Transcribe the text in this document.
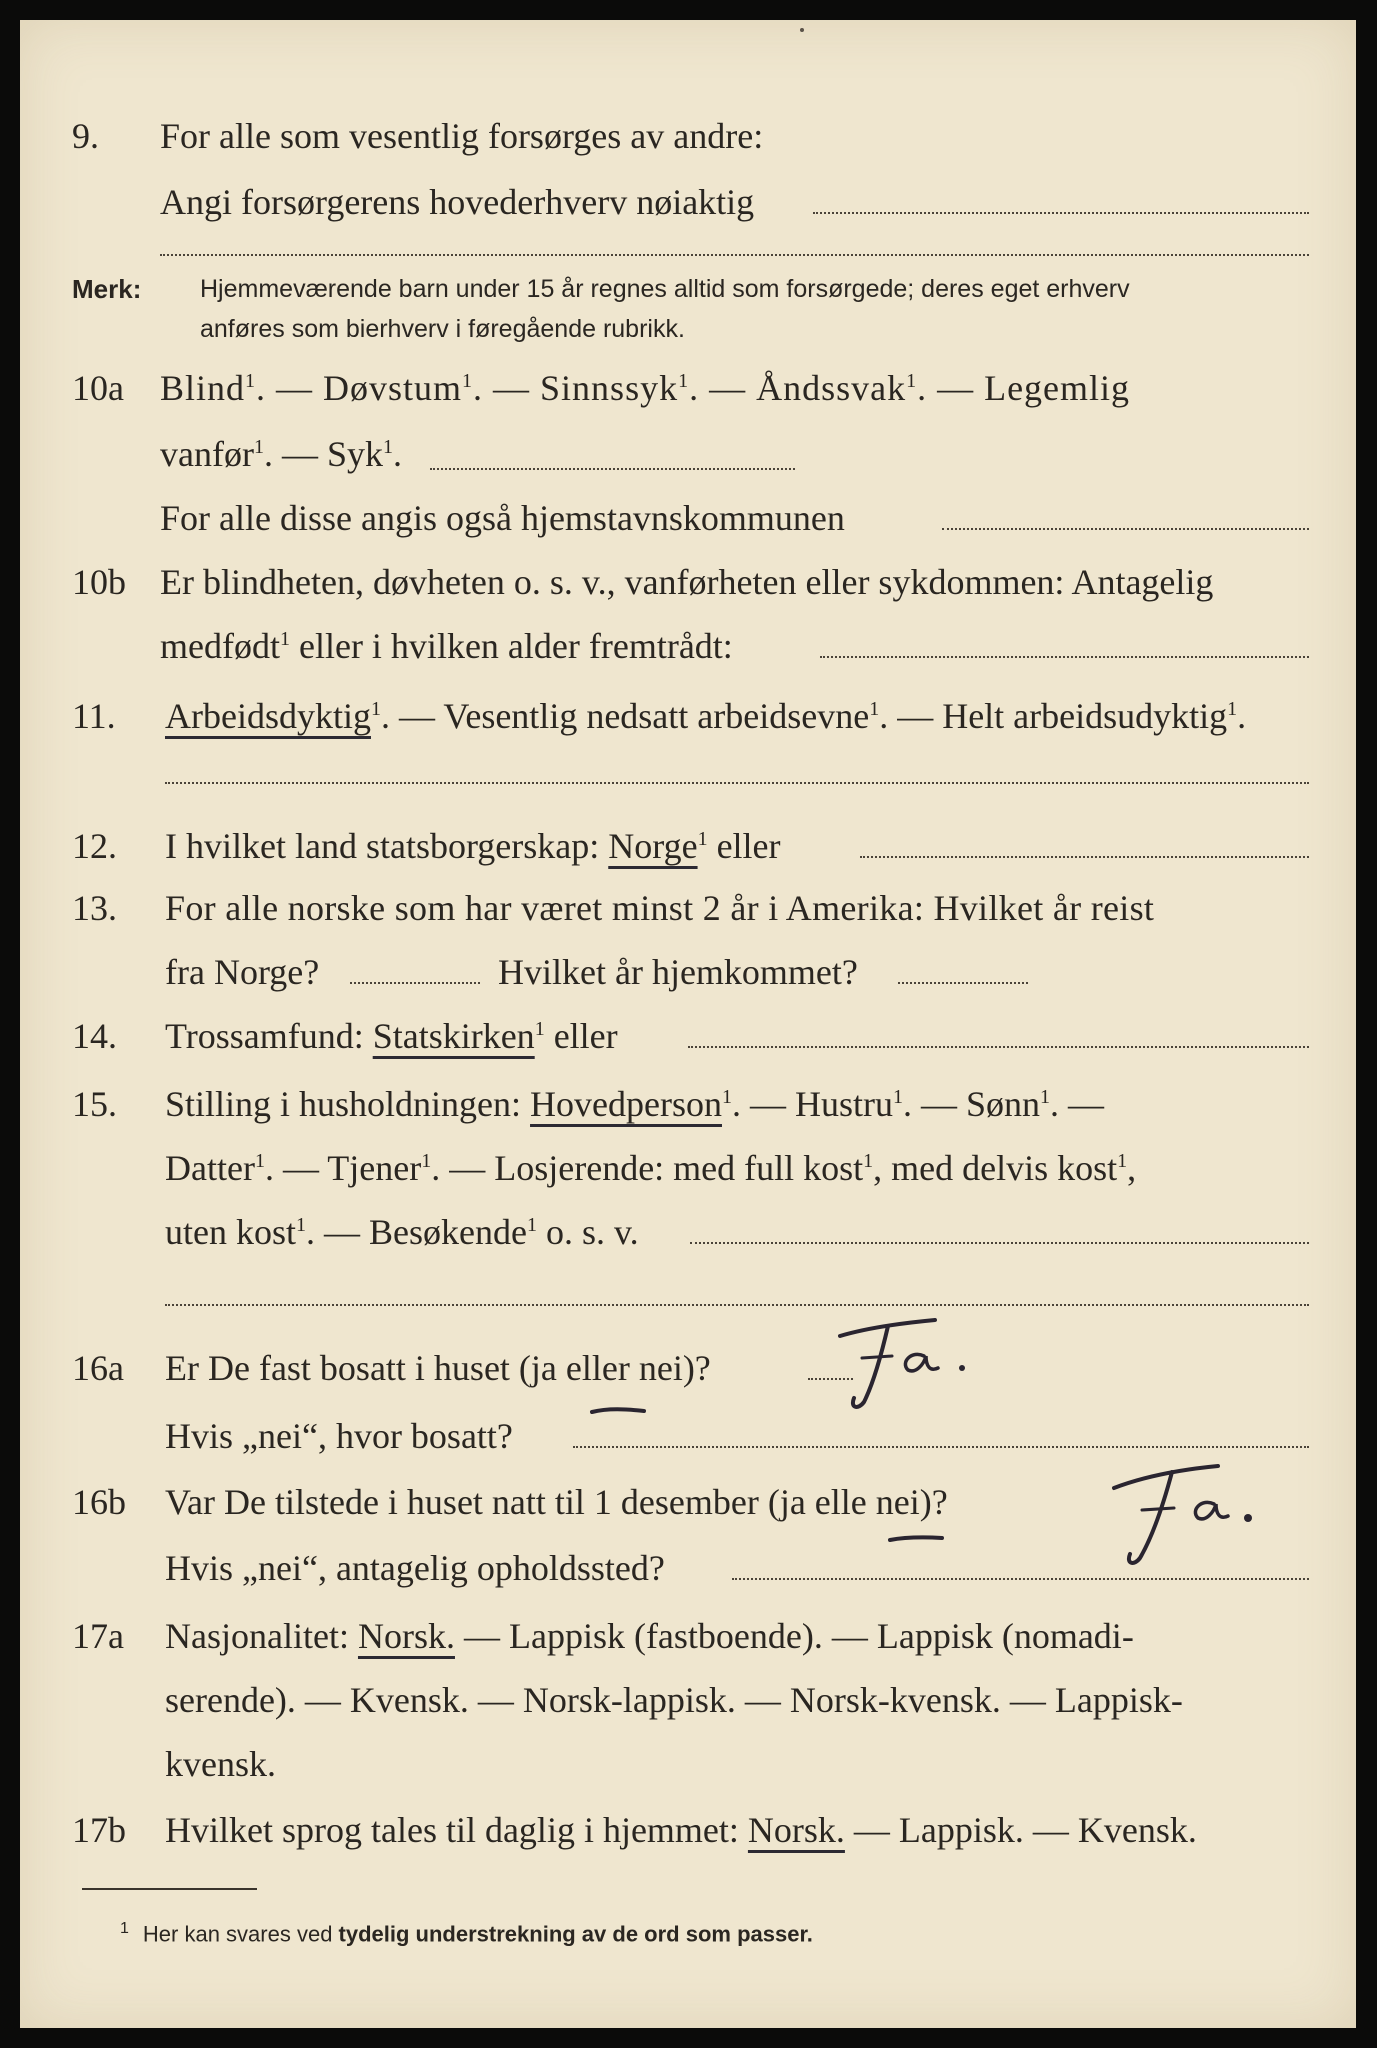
9. For alle som vesentlig forsørges av andre:
Angi forsørgerens hovederhverv nøiaktig
Merk: Hjemmeværende barn under 15 år regnes alltid som forsørgede; deres eget erhverv
anføres som bierhverv i føregående rubrikk.
10a Blind$^1$. — Døvstum$^1$. — Sinnssyk$^1$. — Åndssvak$^1$. — Legemlig
vanfør$^1$. — Syk$^1$.
For alle disse angis også hjemstavnskommunen
10b Er blindheten, døvheten o. s. v., vanførheten eller sykdommen: Antagelig
medfødt$^1$ eller i hvilken alder fremtrådt:
11. Arbeidsdyktig$^1$. — Vesentlig nedsatt arbeidsevne$^1$. — Helt arbeidsudyktig$^1$.
12. I hvilket land statsborgerskap: Norge$^1$ eller
13. For alle norske som har været minst 2 år i Amerika: Hvilket år reist
fra Norge?	Hvilket år hjemkommet?
14. Trossamfund: Statskirken$^1$ eller
15. Stilling i husholdningen: Hovedperson$^1$. — Hustru$^1$. — Sønn$^1$. —
Datter$^1$. — Tjener$^1$. — Losjerende: med full kost$^1$, med delvis kost$^1$,
uten kost$^1$. — Besøkende$^1$ o. s. v.
16a Er De fast bosatt i huset (ja eller nei)?
Hvis „nei“, hvor bosatt?
16b Var De tilstede i huset natt til 1 desember (ja elle nei)?
Hvis „nei“, antagelig opholdssted?
17a Nasjonalitet: Norsk. — Lappisk (fastboende). — Lappisk (nomadi-
serende). — Kvensk. — Norsk-lappisk. — Norsk-kvensk. — Lappisk-
kvensk.
17b Hvilket sprog tales til daglig i hjemmet: Norsk. — Lappisk. — Kvensk.
$^1$ Her kan svares ved tydelig understrekning av de ord som passer.
